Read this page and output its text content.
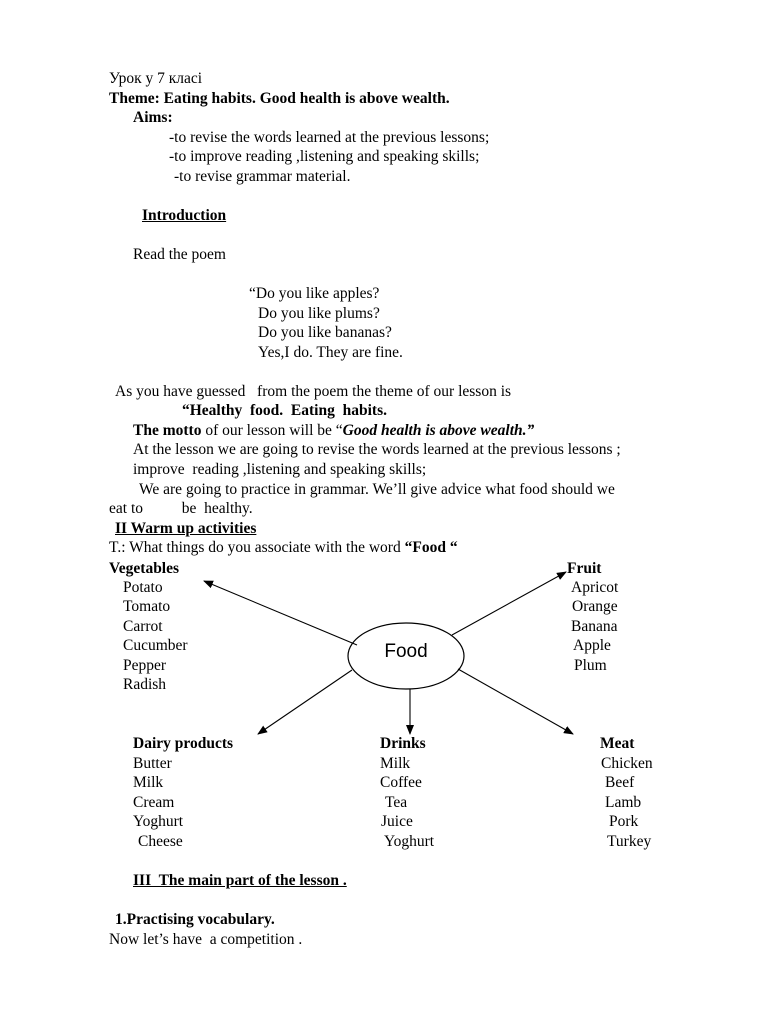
Урок у 7 класі
Theme: Eating habits. Good health is above wealth.
Aims:
-to revise the words learned at the previous lessons;
-to improve reading ,listening and speaking skills;
-to revise grammar material.
Introduction
Read the poem
“Do you like apples?
Do you like plums?
Do you like bananas?
Yes,I do. They are fine.
As you have guessed   from the poem the theme of our lesson is
“Healthy  food.  Eating  habits.
The motto of our lesson will be “Good health is above wealth.”
At the lesson we are going to revise the words learned at the previous lessons ;
improve  reading ,listening and speaking skills;
We are going to practice in grammar. We’ll give advice what food should we
eat to          be  healthy.
II Warm up activities
T.: What things do you associate with the word “Food “
Food
Vegetables
Potato
Tomato
Carrot
Cucumber
Pepper
Radish
Fruit
Apricot
Orange
Banana
Apple
Plum
Dairy products
Butter
Milk
Cream
Yoghurt
Cheese
Drinks
Milk
Coffee
Tea
Juice
Yoghurt
Meat
Chicken
Beef
Lamb
Pork
Turkey
III  The main part of the lesson .
1.Practising vocabulary.
Now let’s have  a competition .
